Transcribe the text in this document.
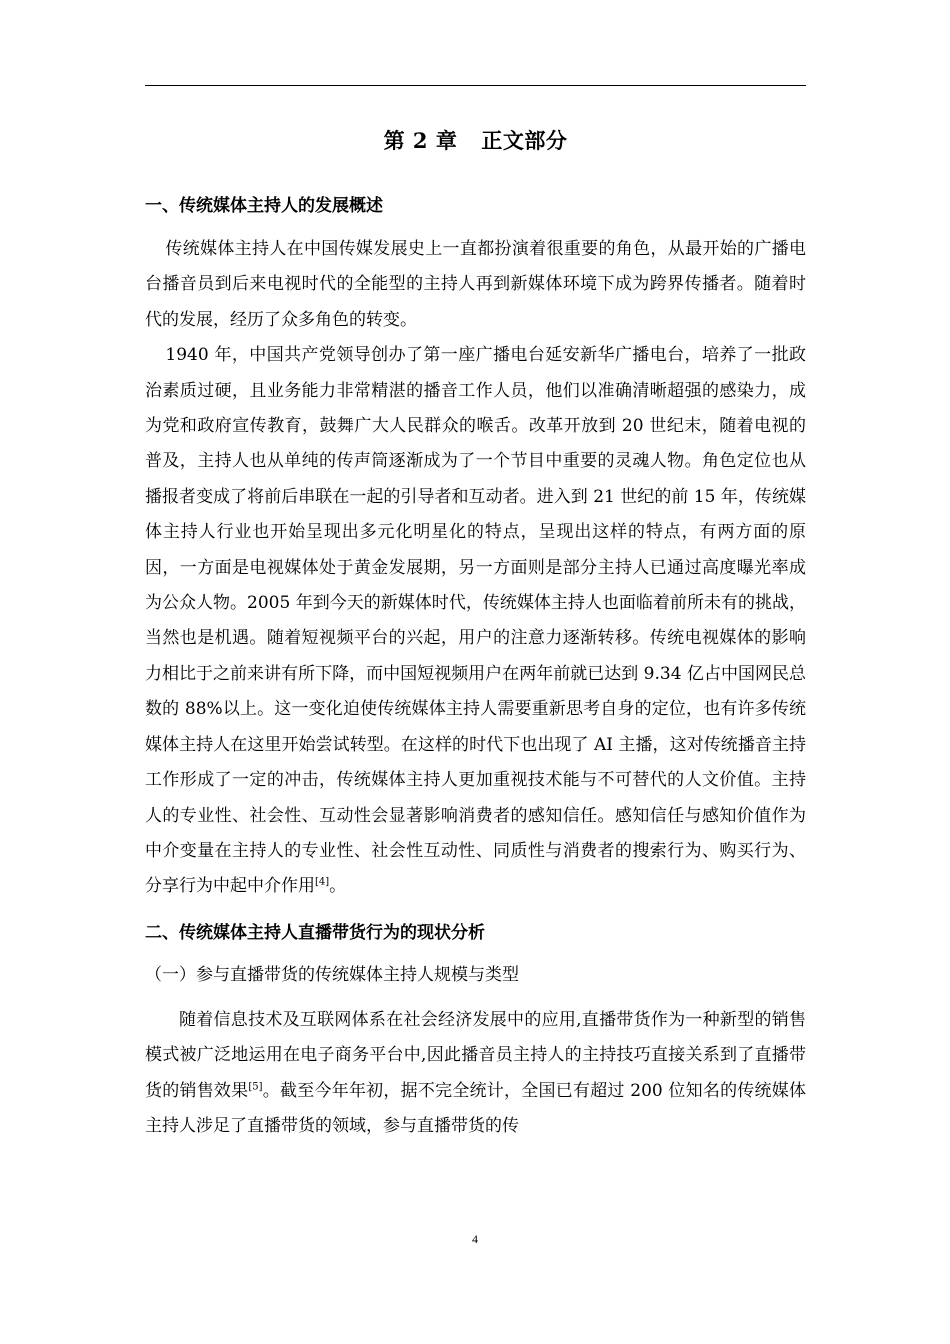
第 2 章 正文部分
一、传统媒体主持人的发展概述

传统媒体主持人在中国传媒发展史上一直都扮演着很重要的角色，从最开始的广播电台播音员到后来电视时代的全能型的主持人再到新媒体环境下成为跨界传播者。随着时代的发展，经历了众多角色的转变。

1940 年，中国共产党领导创办了第一座广播电台延安新华广播电台，培养了一批政治素质过硬，且业务能力非常精湛的播音工作人员，他们以准确清晰超强的感染力，成为党和政府宣传教育，鼓舞广大人民群众的喉舌。改革开放到 20 世纪末，随着电视的普及，主持人也从单纯的传声筒逐渐成为了一个节目中重要的灵魂人物。角色定位也从播报者变成了将前后串联在一起的引导者和互动者。进入到 21 世纪的前 15 年，传统媒体主持人行业也开始呈现出多元化明星化的特点，呈现出这样的特点，有两方面的原因，一方面是电视媒体处于黄金发展期，另一方面则是部分主持人已通过高度曝光率成为公众人物。2005 年到今天的新媒体时代，传统媒体主持人也面临着前所未有的挑战，当然也是机遇。随着短视频平台的兴起，用户的注意力逐渐转移。传统电视媒体的影响力相比于之前来讲有所下降，而中国短视频用户在两年前就已达到 9.34 亿占中国网民总数的 88%以上。这一变化迫使传统媒体主持人需要重新思考自身的定位，也有许多传统媒体主持人在这里开始尝试转型。在这样的时代下也出现了 AI 主播，这对传统播音主持工作形成了一定的冲击，传统媒体主持人更加重视技术能与不可替代的人文价值。主持人的专业性、社会性、互动性会显著影响消费者的感知信任。感知信任与感知价值作为中介变量在主持人的专业性、社会性互动性、同质性与消费者的搜索行为、购买行为、分享行为中起中介作用[4]。

二、传统媒体主持人直播带货行为的现状分析
（一）参与直播带货的传统媒体主持人规模与类型

随着信息技术及互联网体系在社会经济发展中的应用,直播带货作为一种新型的销售模式被广泛地运用在电子商务平台中,因此播音员主持人的主持技巧直接关系到了直播带货的销售效果[5]。截至今年年初，据不完全统计，全国已有超过 200 位知名的传统媒体主持人涉足了直播带货的领域，参与直播带货的传

4
